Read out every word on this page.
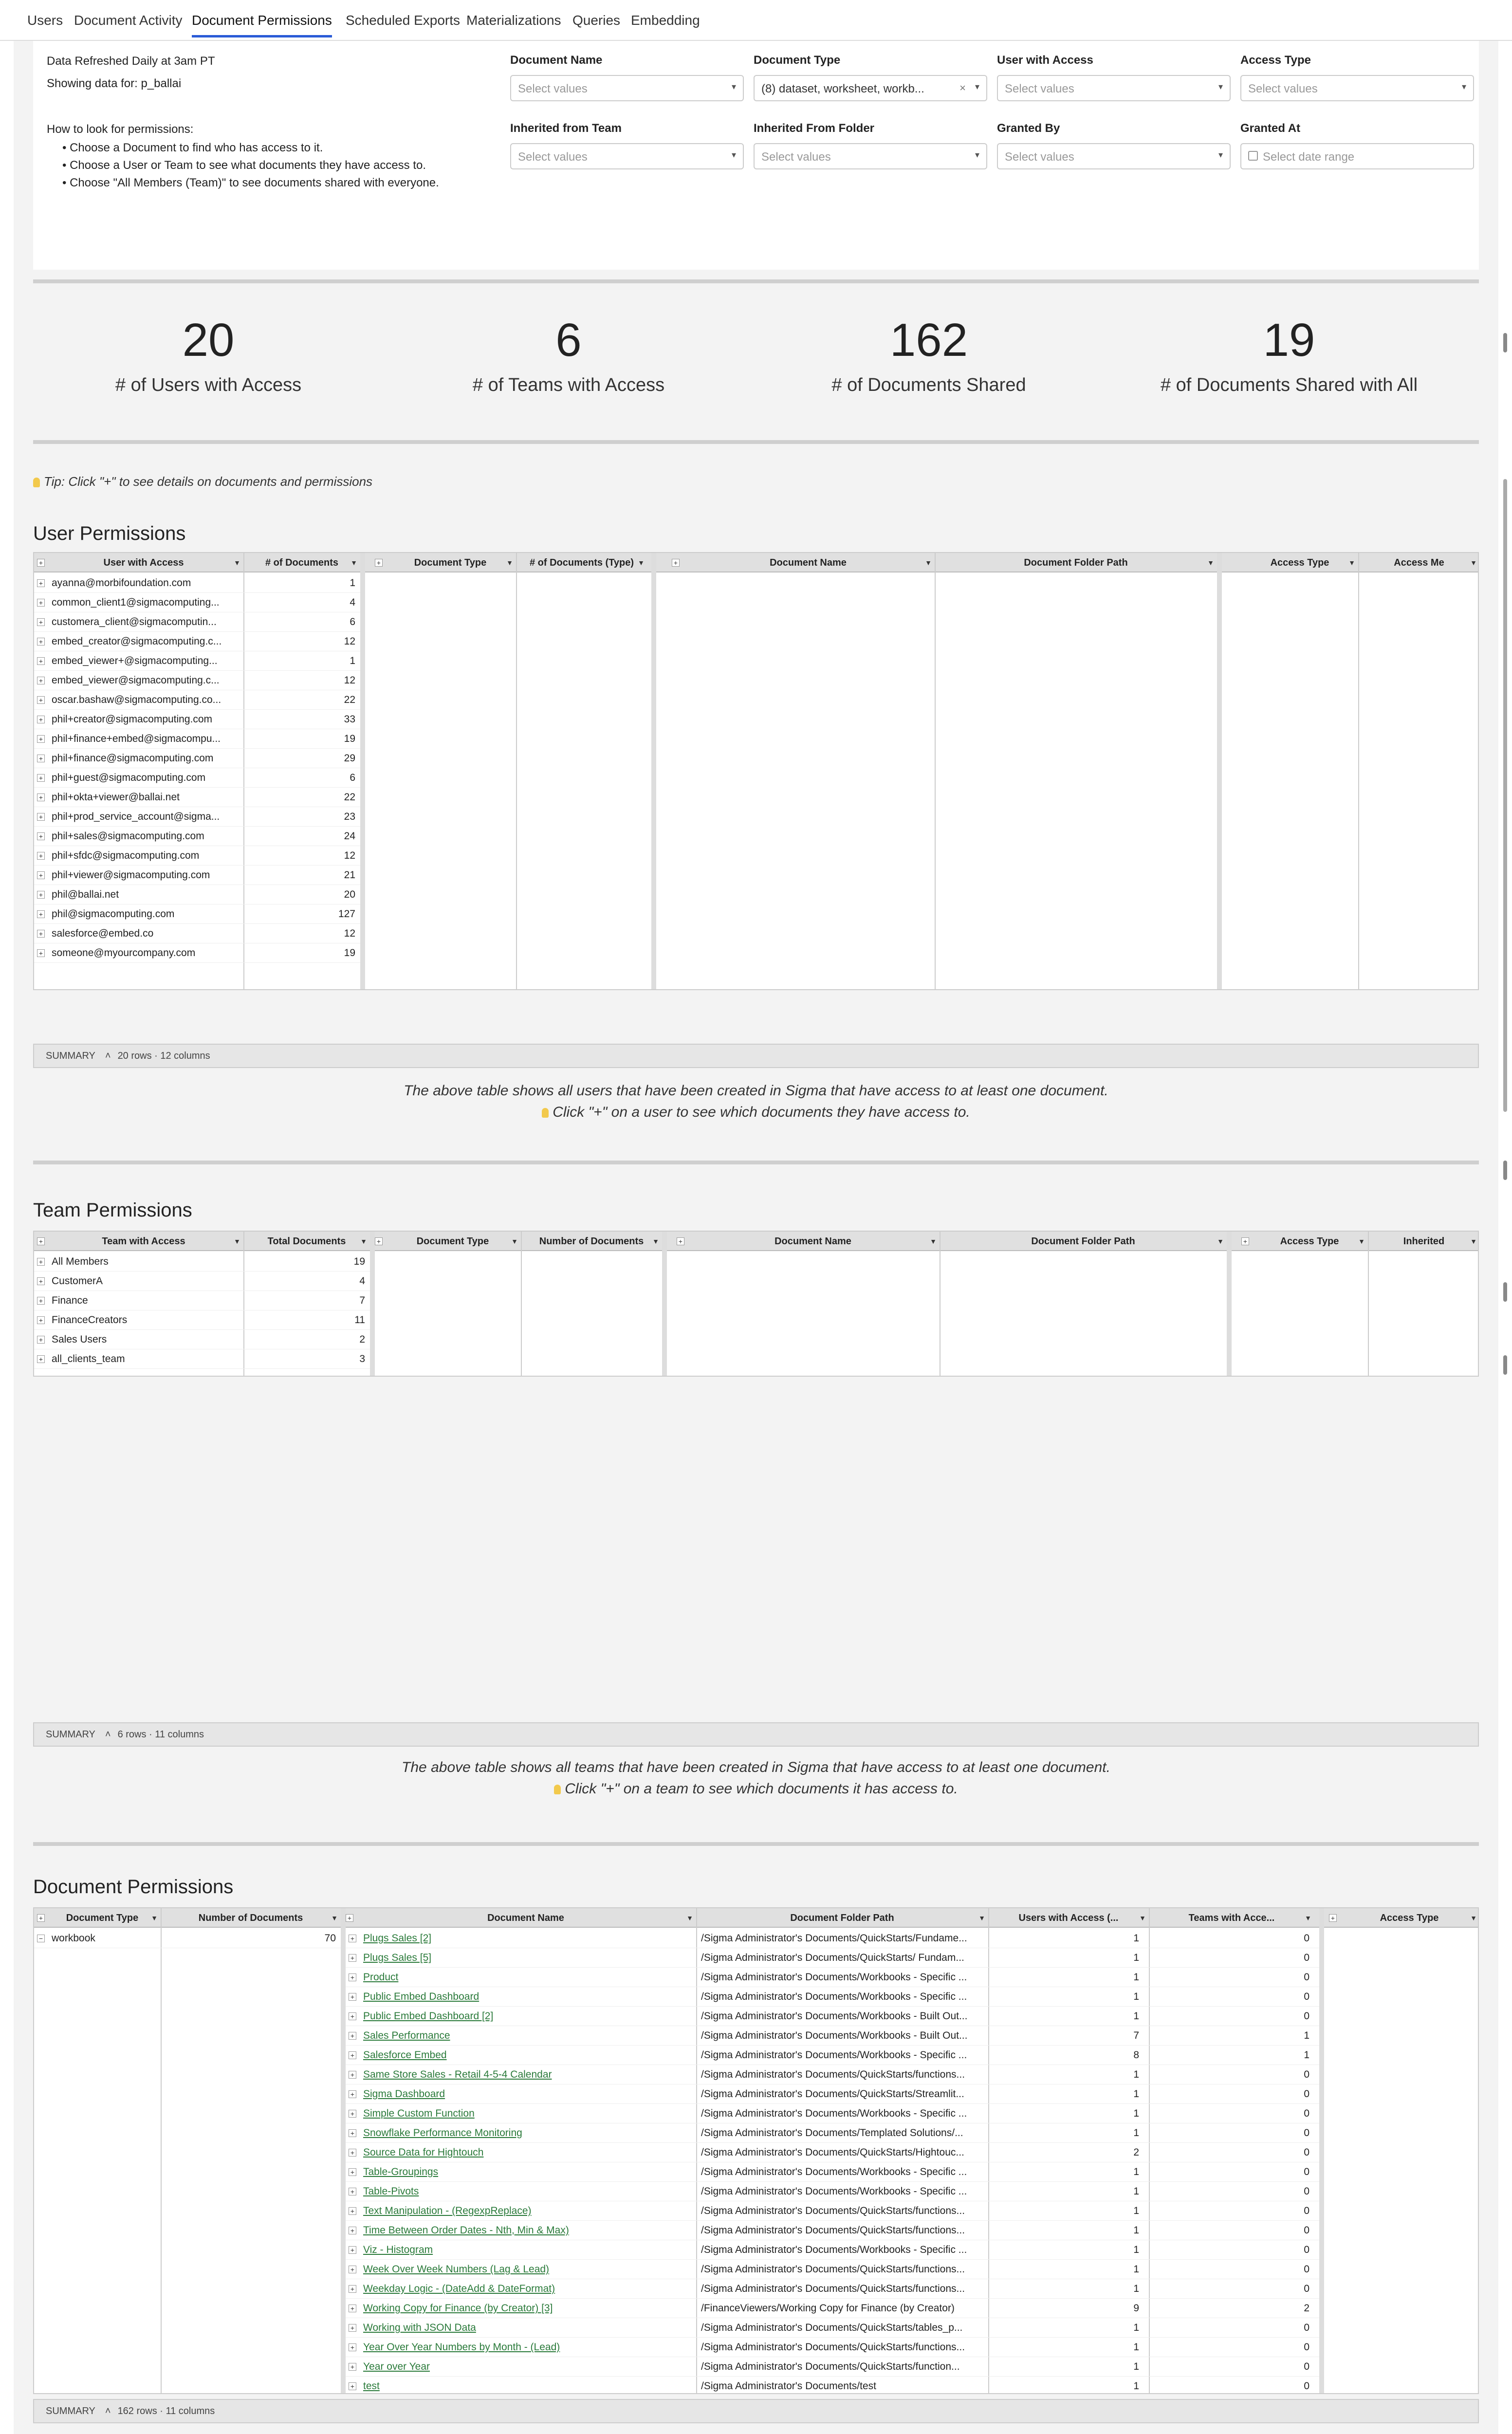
Users Document Activity Document Permissions Scheduled Exports Materializations Queries Embedding
Data Refreshed Daily at 3am PT
Showing data for: p_ballai
How to look for permissions:
• Choose a Document to find who has access to it.
• Choose a User or Team to see what documents they have access to.
• Choose "All Members (Team)" to see documents shared with everyone.
Document Name
Select values	▾
Document Type
(8) dataset, worksheet, workb...	× ▾
User with Access
Select values	▾
Access Type
Select values	▾
Inherited from Team
Select values	▾
Inherited From Folder
Select values	▾
Granted By
Select values	▾
Granted At
Select date range
20
# of Users with Access
6
# of Teams with Access
162
# of Documents Shared
19
# of Documents Shared with All
Tip: Click "+" to see details on documents and permissions
User Permissions
User with Access	▼	# of Documents ▼	Document Type	▼	# of Documents (Type) ▼	Document Name	▼	Document Folder Path	▼	Access Type	▼	Access Me	▼
+	+	+
+ ayanna@morbifoundation.com	1
+ common_client1@sigmacomputing...	4
+ customera_client@sigmacomputin...	6
+ embed_creator@sigmacomputing.c...	12
+ embed_viewer+@sigmacomputing...	1
+ embed_viewer@sigmacomputing.c...	12
+ oscar.bashaw@sigmacomputing.co...	22
+ phil+creator@sigmacomputing.com	33
+ phil+finance+embed@sigmacompu...	19
+ phil+finance@sigmacomputing.com	29
+ phil+guest@sigmacomputing.com	6
+ phil+okta+viewer@ballai.net	22
+ phil+prod_service_account@sigma...	23
+ phil+sales@sigmacomputing.com	24
+ phil+sfdc@sigmacomputing.com	12
+ phil+viewer@sigmacomputing.com	21
+ phil@ballai.net	20
+ phil@sigmacomputing.com	127
+ salesforce@embed.co	12
+ someone@myourcompany.com	19
SUMMARY ˄ 20 rows · 12 columns
The above table shows all users that have been created in Sigma that have access to at least one document.
Click "+" on a user to see which documents they have access to.
Team Permissions
Team with Access	▼	Total Documents ▼	Document Type	▼	Number of Documents ▼	Document Name	▼	Document Folder Path	▼	Access Type	▼	Inherited	▼
+	+	+	+
+ All Members	19
+ CustomerA	4
+ Finance	7
+ FinanceCreators	11
+ Sales Users	2
+ all_clients_team	3
SUMMARY ˄ 6 rows · 11 columns
The above table shows all teams that have been created in Sigma that have access to at least one document.
Click "+" on a team to see which documents it has access to.
Document Permissions
Document Type ▼	Number of Documents	▼	Document Name	▼	Document Folder Path	▼	Users with Access (...	▼	Teams with Acce...	▼	Access Type	▼
+	+	+
− workbook	70 + Plugs Sales [2]	/Sigma Administrator's Documents/QuickStarts/Fundame...	1	0
+ Plugs Sales [5]	/Sigma Administrator's Documents/QuickStarts/ Fundam...	1	0
+ Product	/Sigma Administrator's Documents/Workbooks - Specific ...	1	0
+ Public Embed Dashboard	/Sigma Administrator's Documents/Workbooks - Specific ...	1	0
+ Public Embed Dashboard [2]	/Sigma Administrator's Documents/Workbooks - Built Out...	1	0
+ Sales Performance	/Sigma Administrator's Documents/Workbooks - Built Out...	7	1
+ Salesforce Embed	/Sigma Administrator's Documents/Workbooks - Specific ...	8	1
+ Same Store Sales - Retail 4-5-4 Calendar	/Sigma Administrator's Documents/QuickStarts/functions...	1	0
+ Sigma Dashboard	/Sigma Administrator's Documents/QuickStarts/Streamlit...	1	0
+ Simple Custom Function	/Sigma Administrator's Documents/Workbooks - Specific ...	1	0
+ Snowflake Performance Monitoring	/Sigma Administrator's Documents/Templated Solutions/...	1	0
+ Source Data for Hightouch	/Sigma Administrator's Documents/QuickStarts/Hightouc...	2	0
+ Table-Groupings	/Sigma Administrator's Documents/Workbooks - Specific ...	1	0
+ Table-Pivots	/Sigma Administrator's Documents/Workbooks - Specific ...	1	0
+ Text Manipulation - (RegexpReplace)	/Sigma Administrator's Documents/QuickStarts/functions...	1	0
+ Time Between Order Dates - Nth, Min & Max)	/Sigma Administrator's Documents/QuickStarts/functions...	1	0
+ Viz - Histogram	/Sigma Administrator's Documents/Workbooks - Specific ...	1	0
+ Week Over Week Numbers (Lag & Lead)	/Sigma Administrator's Documents/QuickStarts/functions...	1	0
+ Weekday Logic - (DateAdd & DateFormat)	/Sigma Administrator's Documents/QuickStarts/functions...	1	0
+ Working Copy for Finance (by Creator) [3]	/FinanceViewers/Working Copy for Finance (by Creator)	9	2
+ Working with JSON Data	/Sigma Administrator's Documents/QuickStarts/tables_p...	1	0
+ Year Over Year Numbers by Month - (Lead)	/Sigma Administrator's Documents/QuickStarts/functions...	1	0
+ Year over Year	/Sigma Administrator's Documents/QuickStarts/function...	1	0
+ test	/Sigma Administrator's Documents/test	1	0
SUMMARY ˄ 162 rows · 11 columns
